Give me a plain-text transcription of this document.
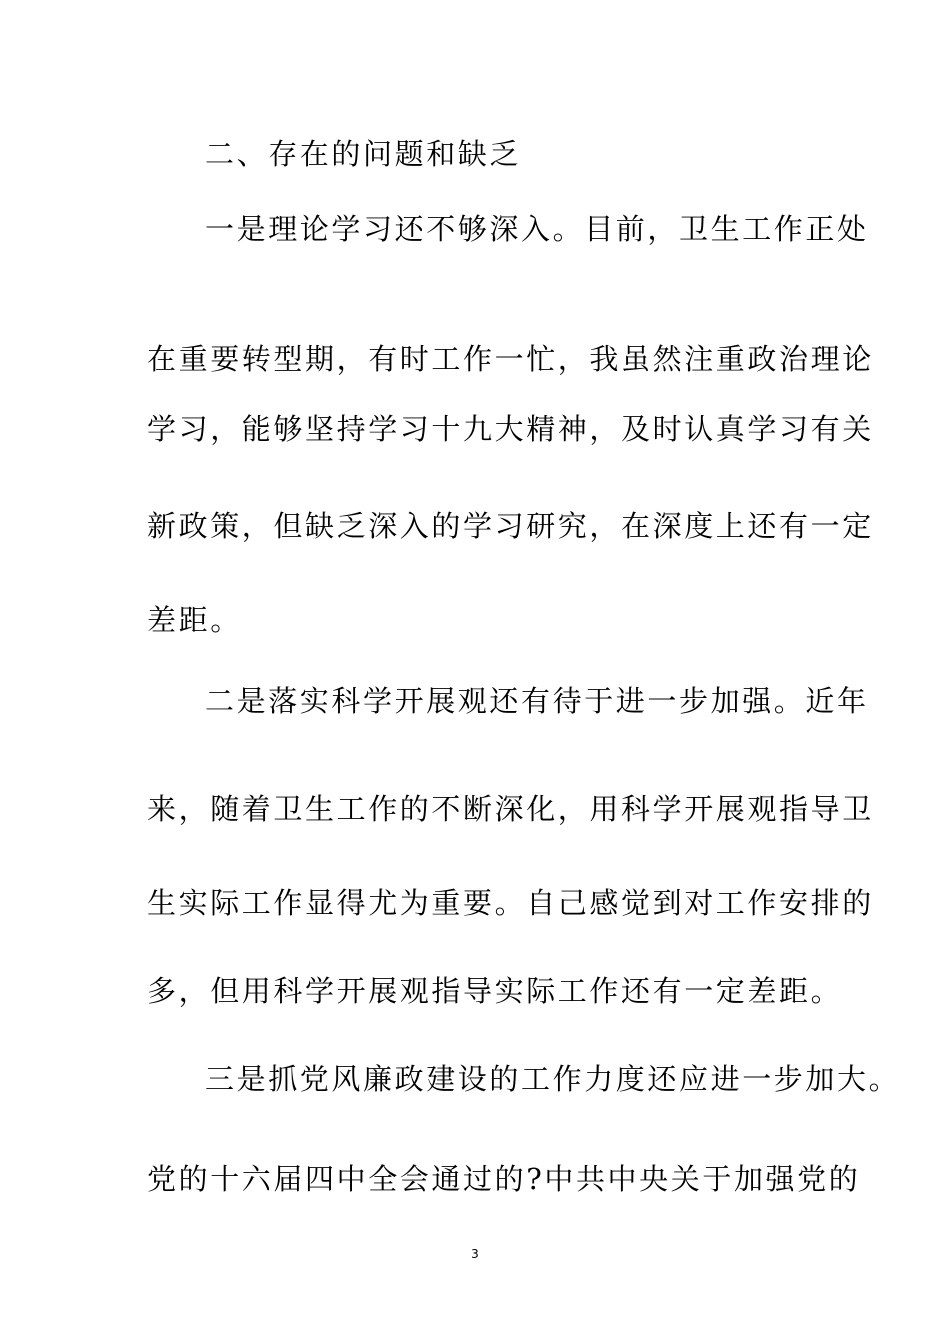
二、存在的问题和缺乏
一是理论学习还不够深入。目前，卫生工作正处
在重要转型期，有时工作一忙，我虽然注重政治理论
学习，能够坚持学习十九大精神，及时认真学习有关
新政策，但缺乏深入的学习研究，在深度上还有一定
差距。
二是落实科学开展观还有待于进一步加强。近年
来，随着卫生工作的不断深化，用科学开展观指导卫
生实际工作显得尤为重要。自己感觉到对工作安排的
多，但用科学开展观指导实际工作还有一定差距。
三是抓党风廉政建设的工作力度还应进一步加大。
党的十六届四中全会通过的?中共中央关于加强党的
3
